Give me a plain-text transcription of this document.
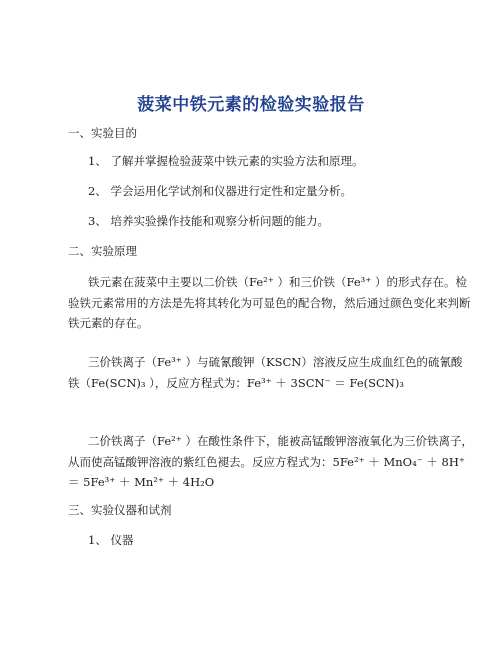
菠菜中铁元素的检验实验报告
一、实验目的
1、 了解并掌握检验菠菜中铁元素的实验方法和原理。
2、 学会运用化学试剂和仪器进行定性和定量分析。
3、 培养实验操作技能和观察分析问题的能力。
二、实验原理
铁元素在菠菜中主要以二价铁（Fe²⁺ ）和三价铁（Fe³⁺ ）的形式存在。检验铁元素常用的方法是先将其转化为可显色的配合物，然后通过颜色变化来判断铁元素的存在。
三价铁离子（Fe³⁺ ）与硫氰酸钾（KSCN）溶液反应生成血红色的硫氰酸铁（Fe(SCN)₃ ），反应方程式为：Fe³⁺ ＋ 3SCN⁻ ＝ Fe(SCN)₃
二价铁离子（Fe²⁺ ）在酸性条件下，能被高锰酸钾溶液氧化为三价铁离子，从而使高锰酸钾溶液的紫红色褪去。反应方程式为：5Fe²⁺ ＋ MnO₄⁻ ＋ 8H⁺ ＝ 5Fe³⁺ ＋ Mn²⁺ ＋ 4H₂O
三、实验仪器和试剂
1、 仪器
